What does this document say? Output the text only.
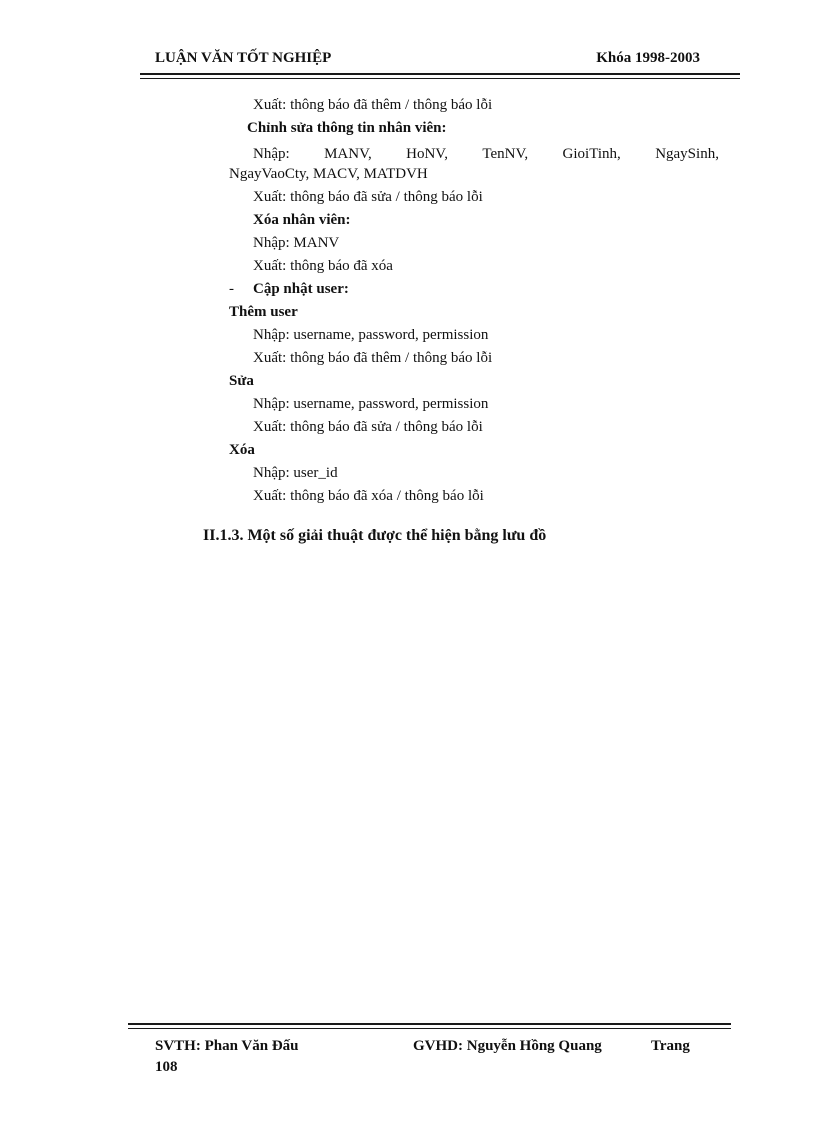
LUẬN VĂN TỐT NGHIỆP	Khóa 1998-2003
Xuất: thông báo đã thêm / thông báo lỗi
Chỉnh sửa thông tin nhân viên:
Nhập: MANV, HoNV, TenNV, GioiTinh, NgaySinh,
NgayVaoCty, MACV, MATDVH
Xuất: thông báo đã sửa / thông báo lỗi
Xóa nhân viên:
Nhập: MANV
Xuất: thông báo đã xóa
- Cập nhật user:
Thêm user
Nhập: username, password, permission
Xuất: thông báo đã thêm / thông báo lỗi
Sửa
Nhập: username, password, permission
Xuất: thông báo đã sửa / thông báo lỗi
Xóa
Nhập: user_id
Xuất: thông báo đã xóa / thông báo lỗi
II.1.3. Một số giải thuật được thể hiện bằng lưu đồ
SVTH: Phan Văn Đấu	GVHD: Nguyễn Hồng Quang	Trang
108
